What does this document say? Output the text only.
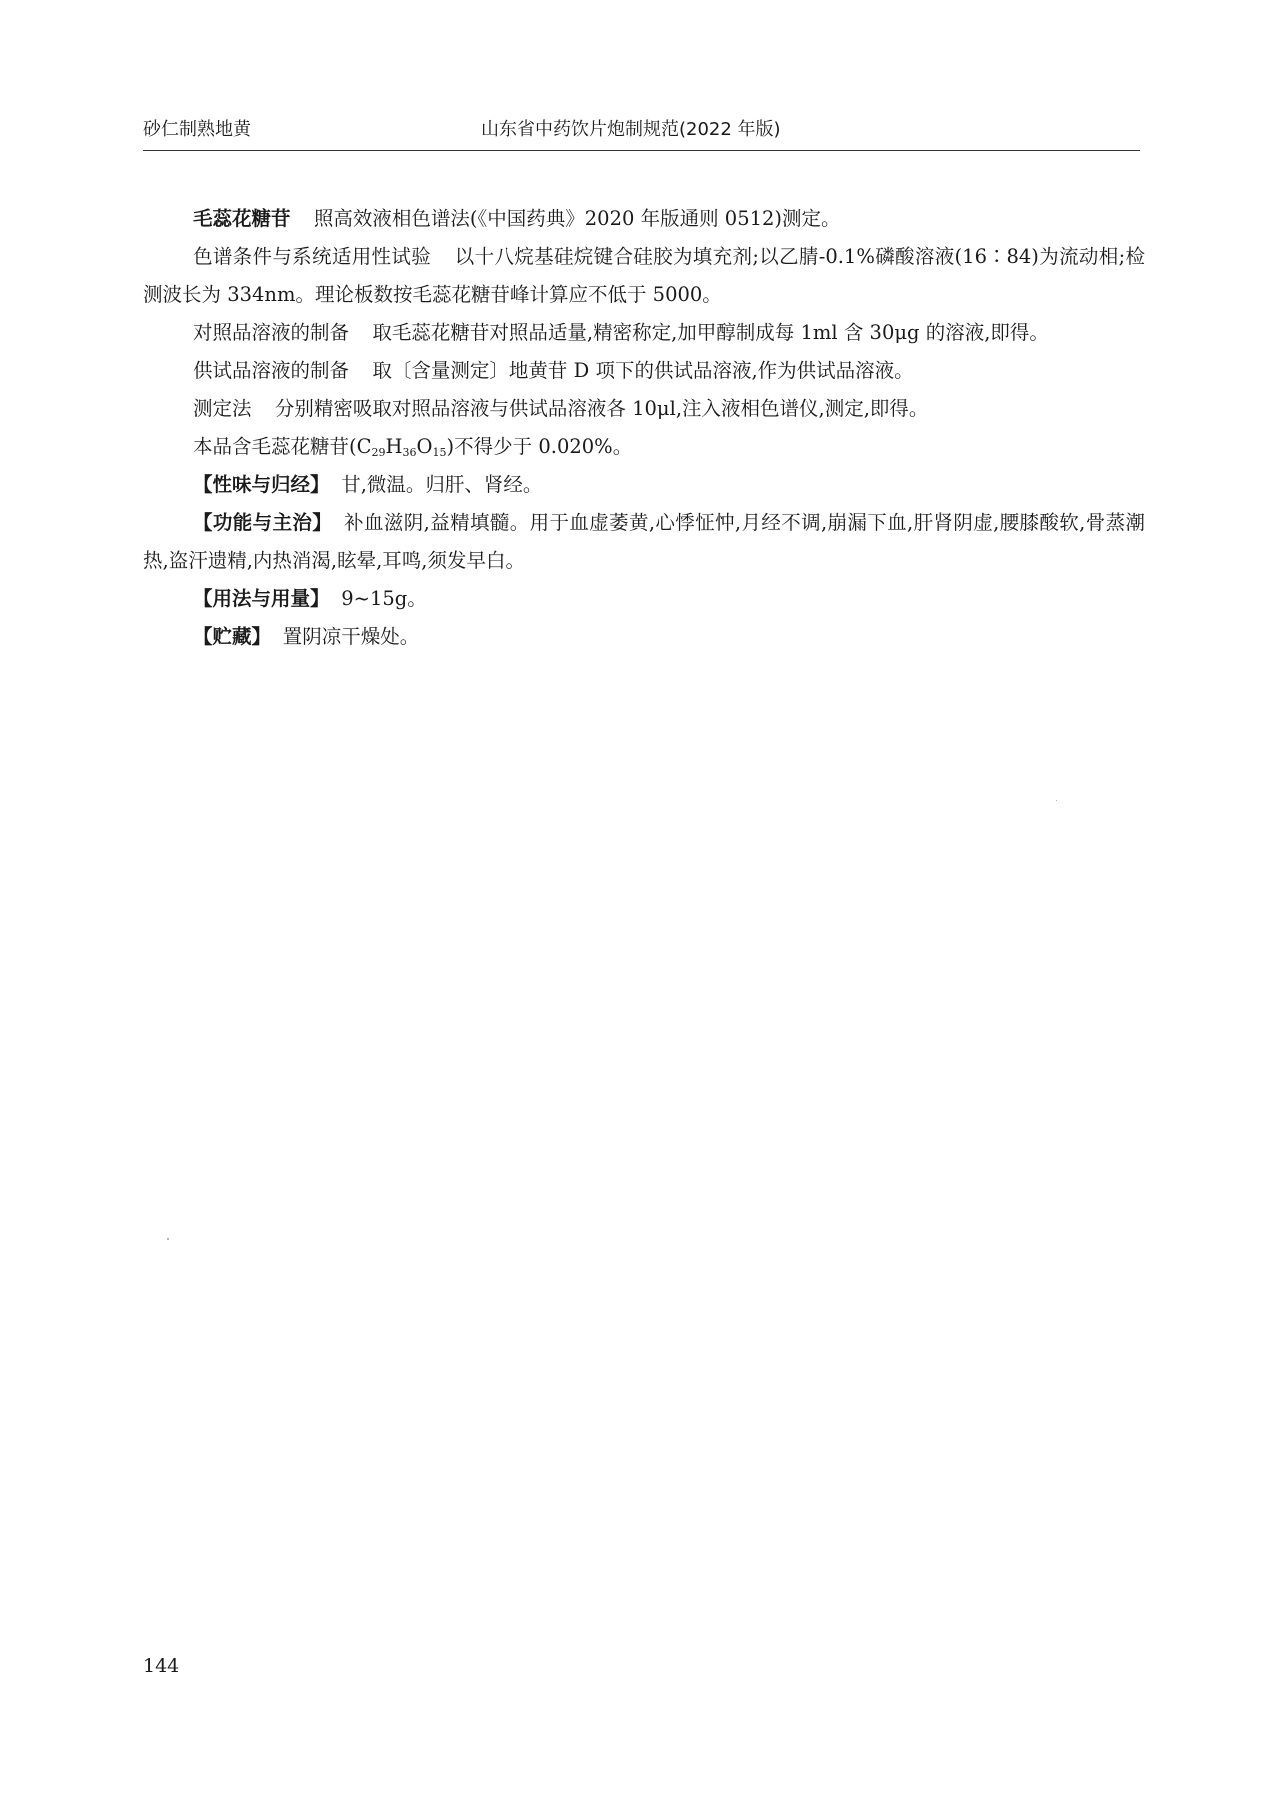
砂仁制熟地黄	山东省中药饮片炮制规范(2022 年版)

毛蕊花糖苷 照高效液相色谱法(《中国药典》2020 年版通则 0512)测定。

色谱条件与系统适用性试验 以十八烷基硅烷键合硅胶为填充剂;以乙腈-0.1%磷酸溶液(16∶84)为流动相;检测波长为 334nm。理论板数按毛蕊花糖苷峰计算应不低于 5000。

对照品溶液的制备 取毛蕊花糖苷对照品适量,精密称定,加甲醇制成每 1ml 含 30μg 的溶液,即得。

供试品溶液的制备 取〔含量测定〕地黄苷 D 项下的供试品溶液,作为供试品溶液。

测定法 分别精密吸取对照品溶液与供试品溶液各 10μl,注入液相色谱仪,测定,即得。

本品含毛蕊花糖苷$(C_{29}H_{36}O_{15})$不得少于 0.020%。

【性味与归经】 甘,微温。归肝、肾经。

【功能与主治】 补血滋阴,益精填髓。用于血虚萎黄,心悸怔忡,月经不调,崩漏下血,肝肾阴虚,腰膝酸软,骨蒸潮热,盗汗遗精,内热消渴,眩晕,耳鸣,须发早白。

【用法与用量】 9~15g。

【贮藏】 置阴凉干燥处。

144
